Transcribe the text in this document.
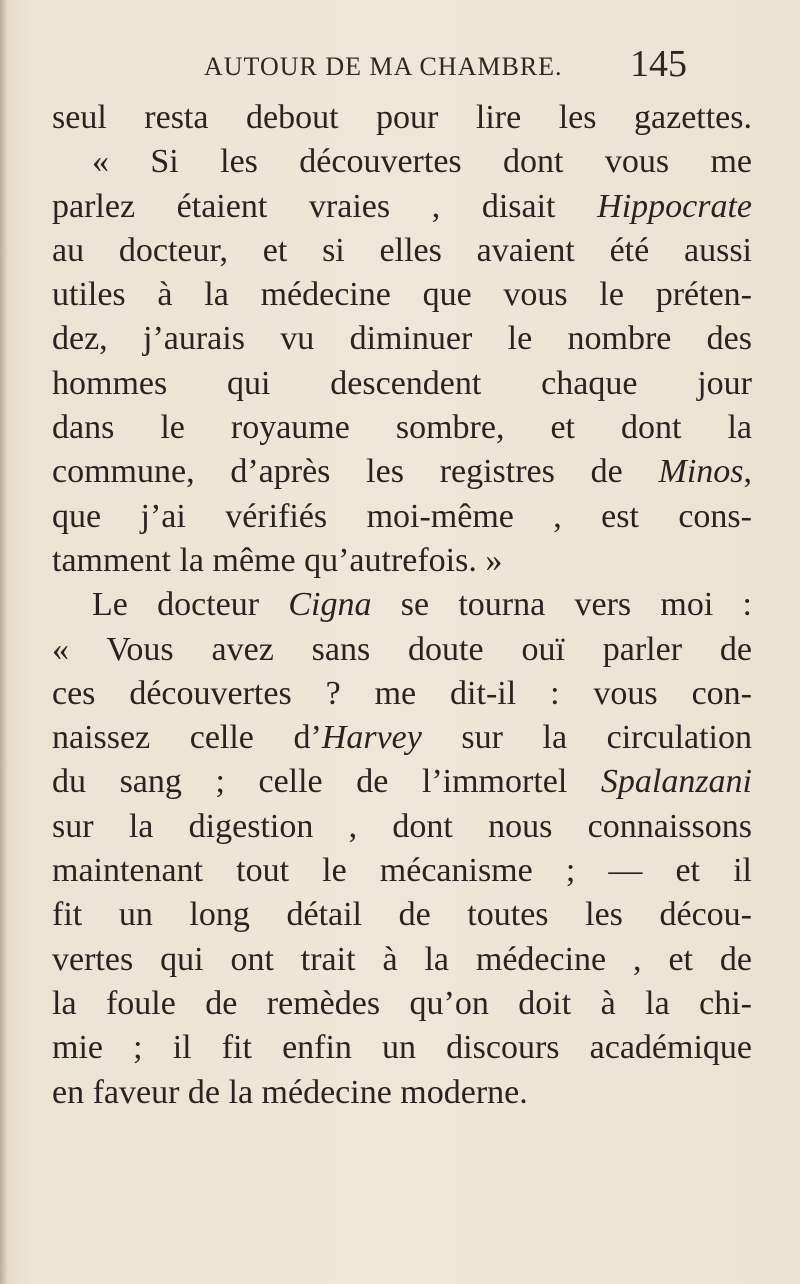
AUTOUR DE MA CHAMBRE. 145
seul resta debout pour lire les gazettes.
« Si les découvertes dont vous me
parlez étaient vraies , disait Hippocrate
au docteur, et si elles avaient été aussi
utiles à la médecine que vous le préten-
dez, j’aurais vu diminuer le nombre des
hommes qui descendent chaque jour
dans le royaume sombre, et dont la
commune, d’après les registres de Minos,
que j’ai vérifiés moi-même , est cons-
tamment la même qu’autrefois. »
Le docteur Cigna se tourna vers moi :
« Vous avez sans doute ouï parler de
ces découvertes ? me dit-il : vous con-
naissez celle d’Harvey sur la circulation
du sang ; celle de l’immortel Spalanzani
sur la digestion , dont nous connaissons
maintenant tout le mécanisme ; — et il
fit un long détail de toutes les décou-
vertes qui ont trait à la médecine , et de
la foule de remèdes qu’on doit à la chi-
mie ; il fit enfin un discours académique
en faveur de la médecine moderne.
